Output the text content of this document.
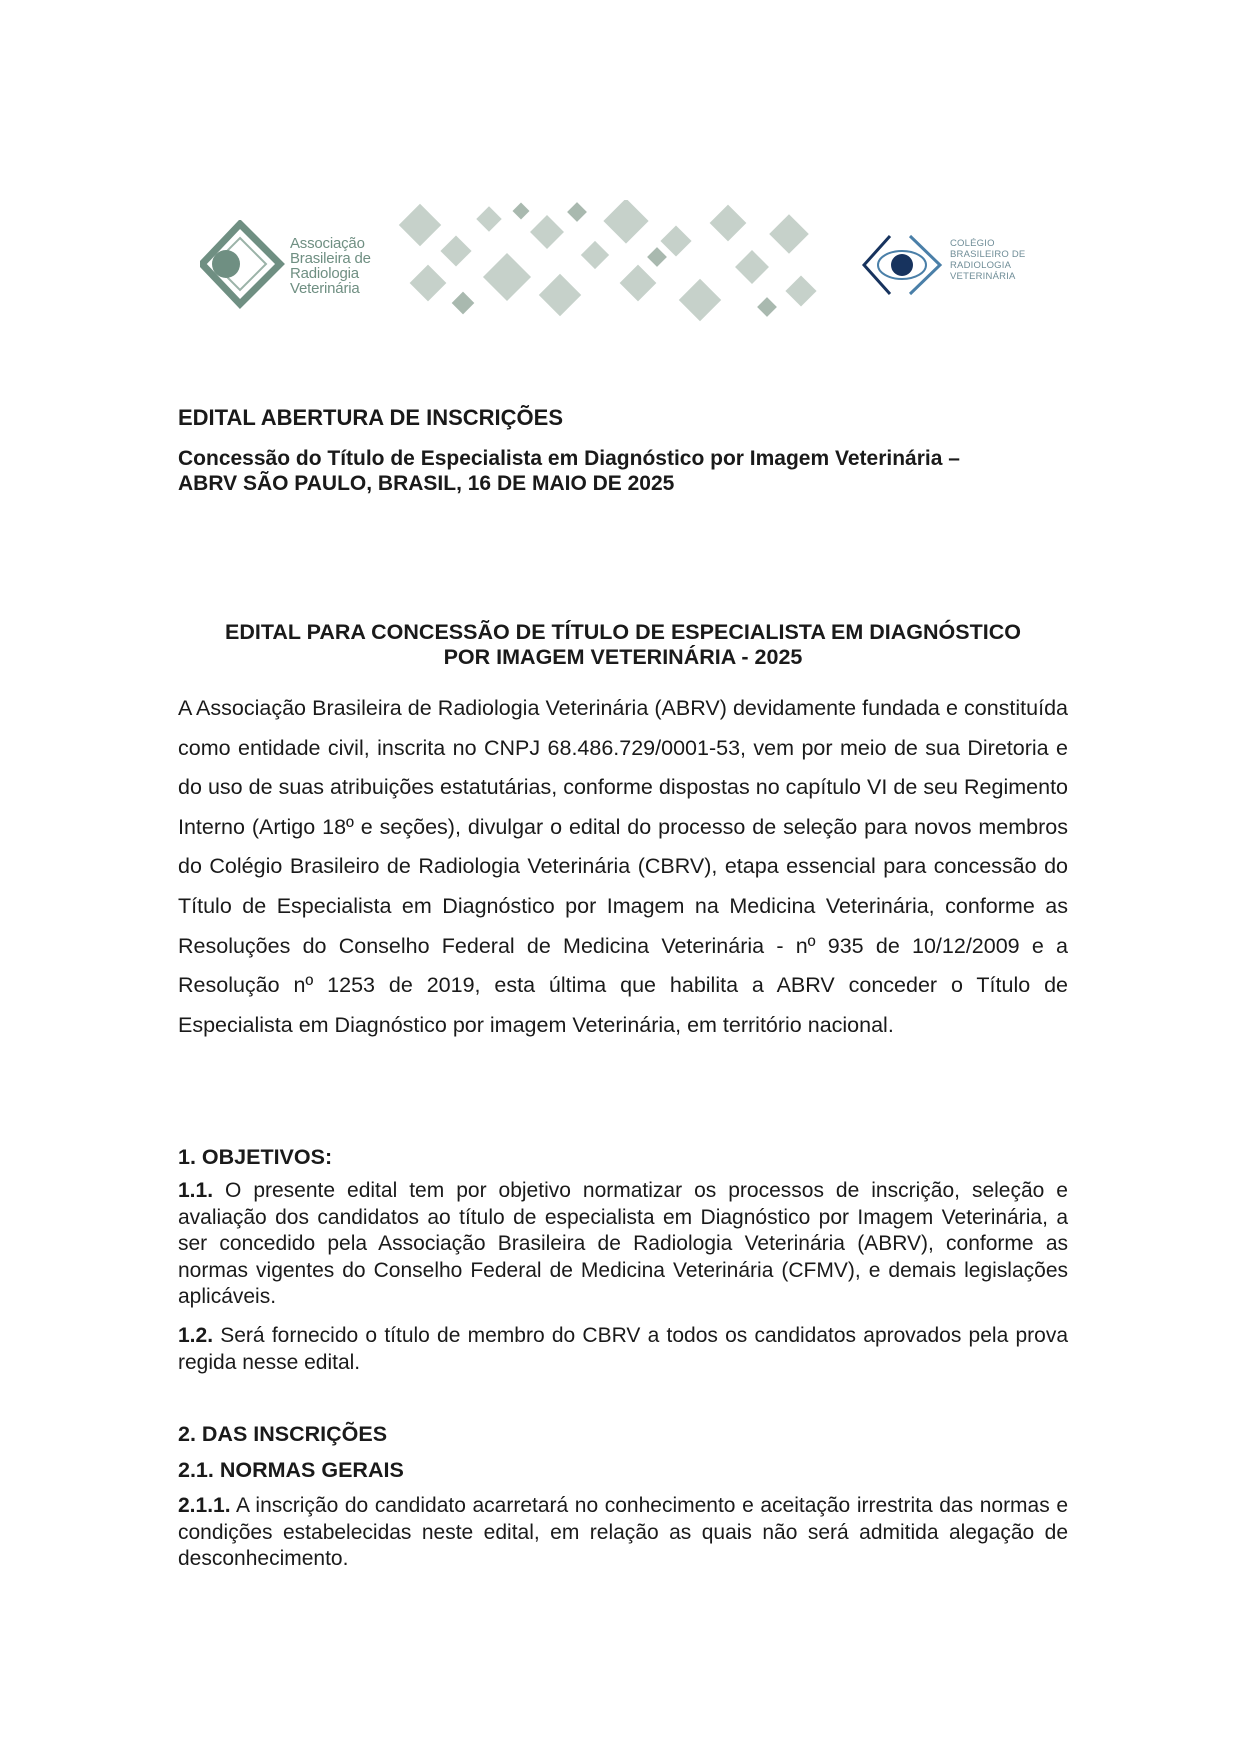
Associação
Brasileira de
Radiologia
Veterinária
COLÉGIO
BRASILEIRO DE
RADIOLOGIA
VETERINÁRIA
EDITAL ABERTURA DE INSCRIÇÕES
Concessão do Título de Especialista em Diagnóstico por Imagem Veterinária –
ABRV SÃO PAULO, BRASIL, 16 DE MAIO DE 2025
EDITAL PARA CONCESSÃO DE TÍTULO DE ESPECIALISTA EM DIAGNÓSTICO
POR IMAGEM VETERINÁRIA - 2025
A Associação Brasileira de Radiologia Veterinária (ABRV) devidamente fundada e constituída como entidade civil, inscrita no CNPJ 68.486.729/0001-53, vem por meio de sua Diretoria e do uso de suas atribuições estatutárias, conforme dispostas no capítulo VI de seu Regimento Interno (Artigo 18º e seções), divulgar o edital do processo de seleção para novos membros do Colégio Brasileiro de Radiologia Veterinária (CBRV), etapa essencial para concessão do Título de Especialista em Diagnóstico por Imagem na Medicina Veterinária, conforme as Resoluções do Conselho Federal de Medicina Veterinária - nº 935 de 10/12/2009 e a Resolução nº 1253 de 2019, esta última que habilita a ABRV conceder o Título de Especialista em Diagnóstico por imagem Veterinária, em território nacional.
1. OBJETIVOS:
1.1. O presente edital tem por objetivo normatizar os processos de inscrição, seleção e avaliação dos candidatos ao título de especialista em Diagnóstico por Imagem Veterinária, a ser concedido pela Associação Brasileira de Radiologia Veterinária (ABRV), conforme as normas vigentes do Conselho Federal de Medicina Veterinária (CFMV), e demais legislações aplicáveis.
1.2. Será fornecido o título de membro do CBRV a todos os candidatos aprovados pela prova regida nesse edital.
2. DAS INSCRIÇÕES
2.1. NORMAS GERAIS
2.1.1. A inscrição do candidato acarretará no conhecimento e aceitação irrestrita das normas e condições estabelecidas neste edital, em relação as quais não será admitida alegação de desconhecimento.
